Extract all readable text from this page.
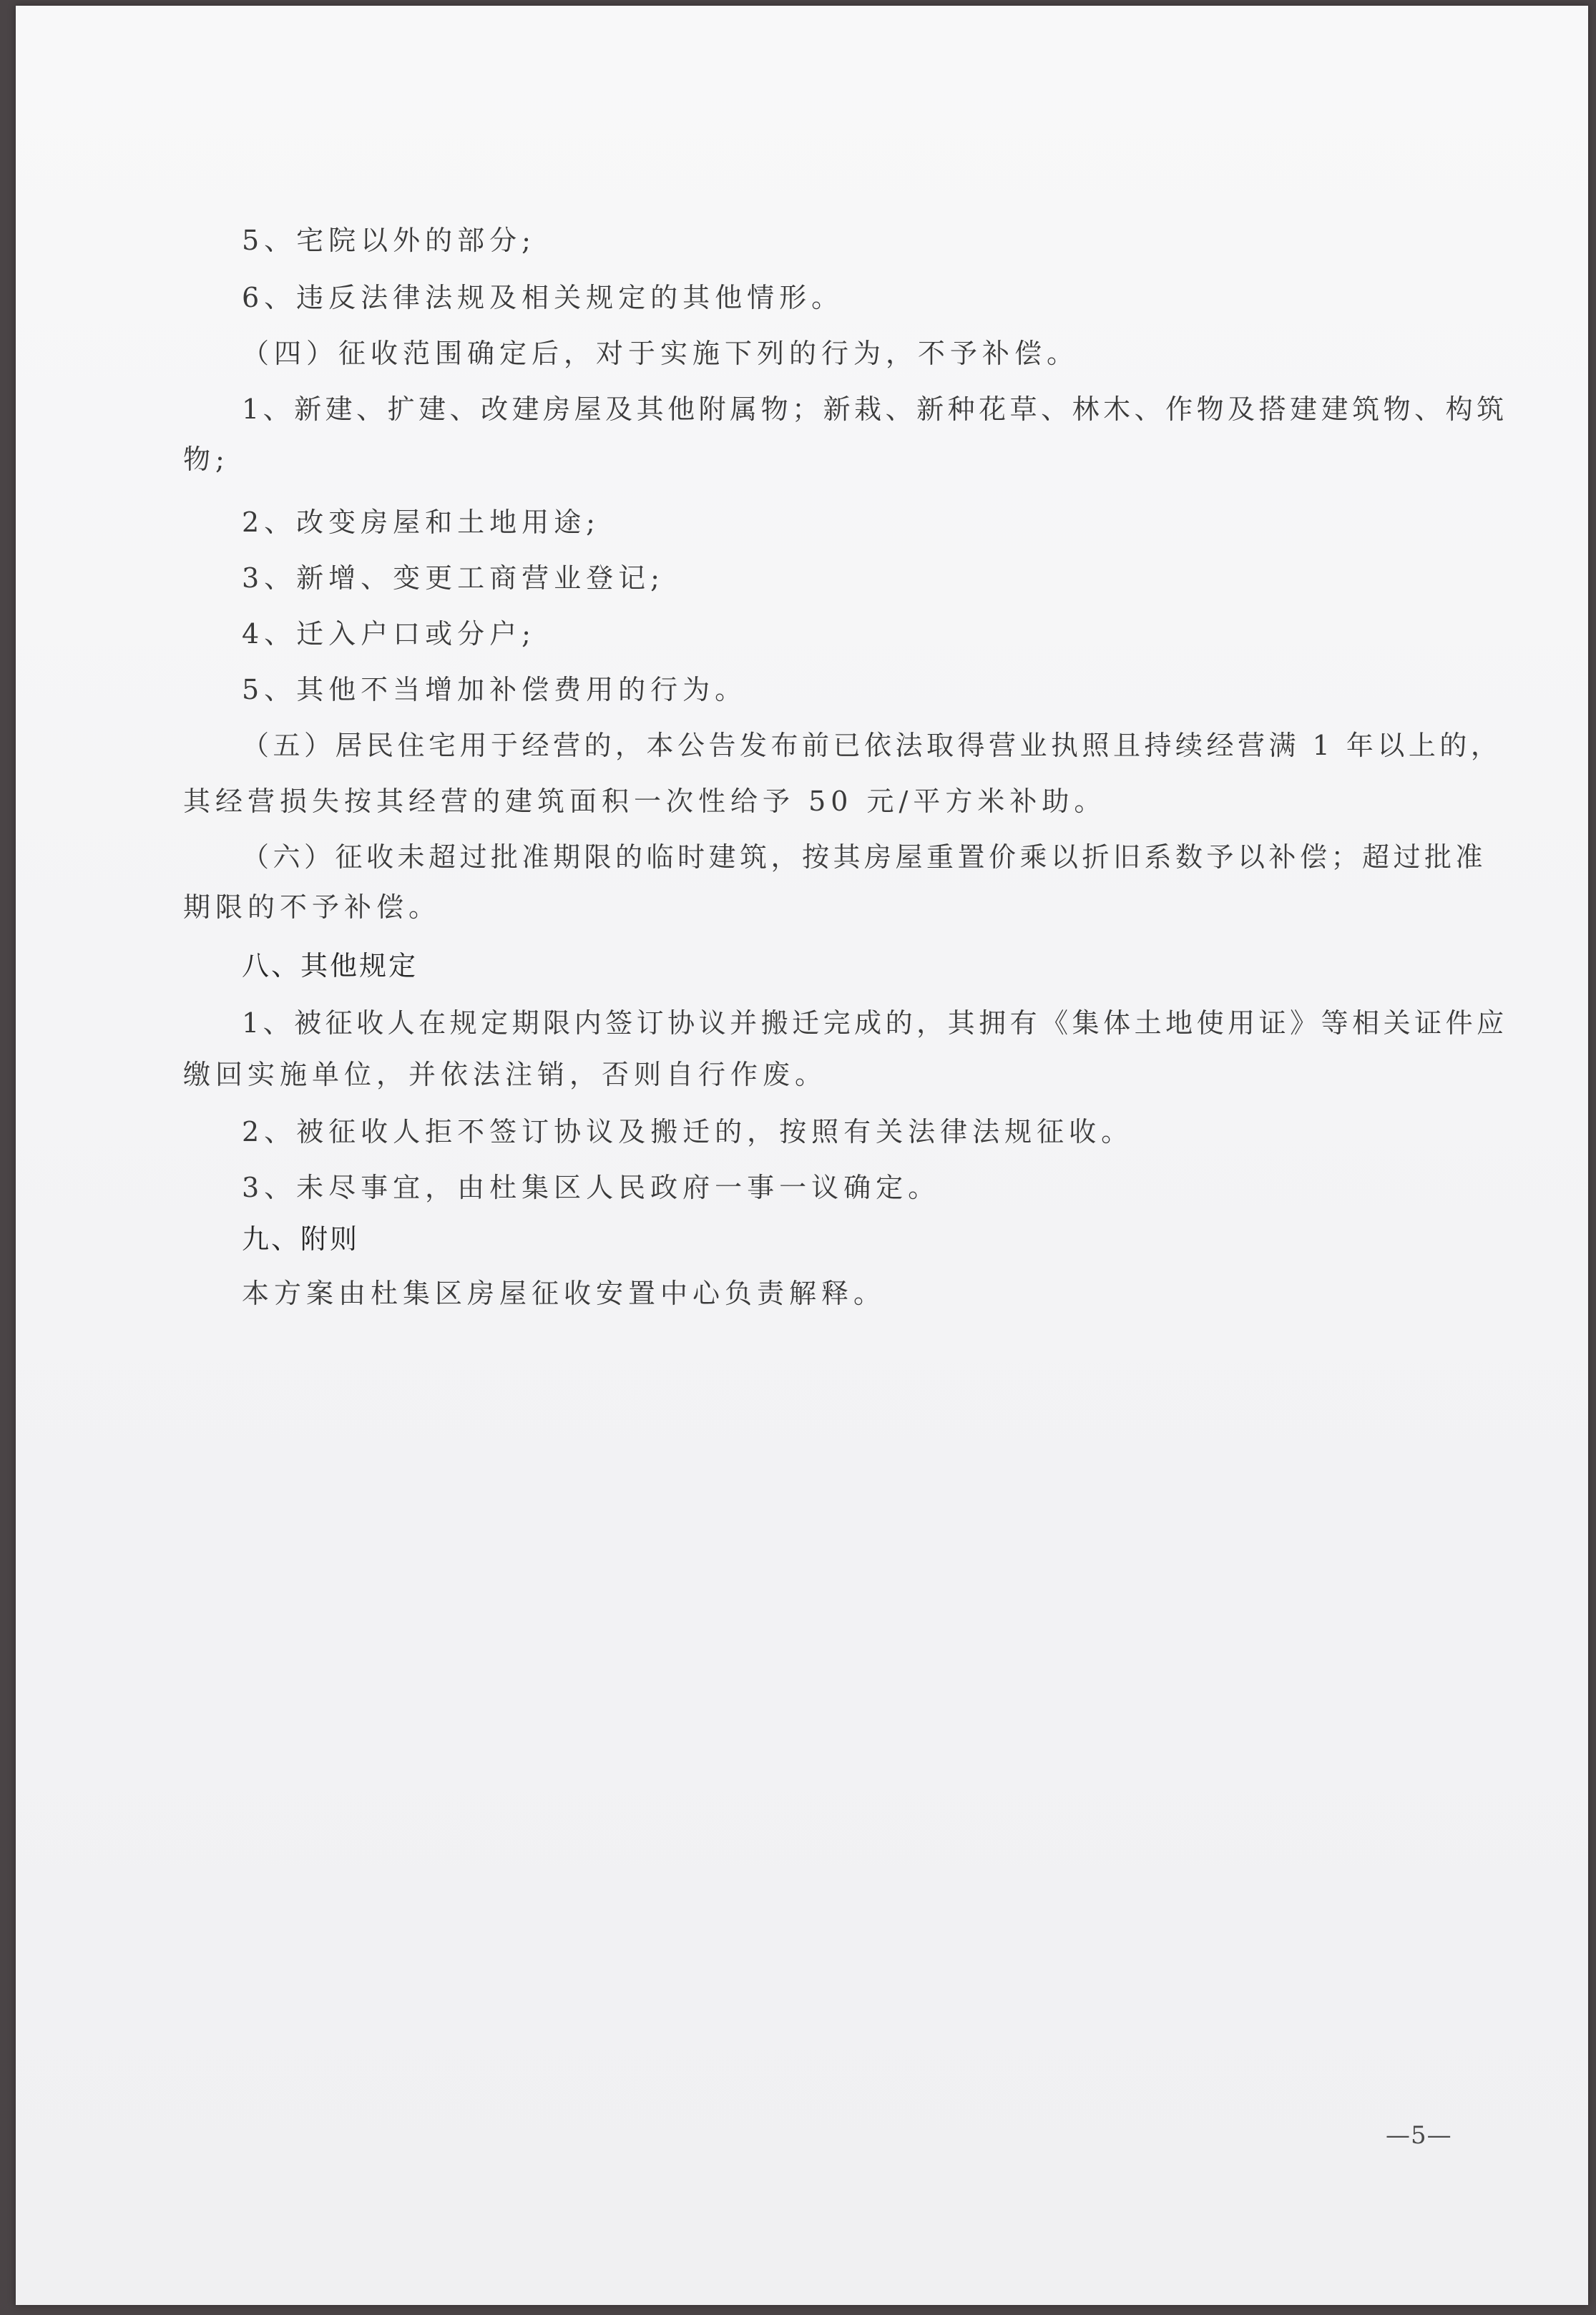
5、宅院以外的部分;

6、违反法律法规及相关规定的其他情形。

（四）征收范围确定后，对于实施下列的行为，不予补偿。

1、新建、扩建、改建房屋及其他附属物；新栽、新种花草、林木、作物及搭建建筑物、构筑

物;

2、改变房屋和土地用途;

3、新增、变更工商营业登记;

4、迁入户口或分户;

5、其他不当增加补偿费用的行为。

（五）居民住宅用于经营的，本公告发布前已依法取得营业执照且持续经营满 1 年以上的，

其经营损失按其经营的建筑面积一次性给予 50 元/平方米补助。

（六）征收未超过批准期限的临时建筑，按其房屋重置价乘以折旧系数予以补偿；超过批准

期限的不予补偿。

八、其他规定

1、被征收人在规定期限内签订协议并搬迁完成的，其拥有《集体土地使用证》等相关证件应

缴回实施单位，并依法注销，否则自行作废。

2、被征收人拒不签订协议及搬迁的，按照有关法律法规征收。

3、未尽事宜，由杜集区人民政府一事一议确定。

九、附则

本方案由杜集区房屋征收安置中心负责解释。

—5—
